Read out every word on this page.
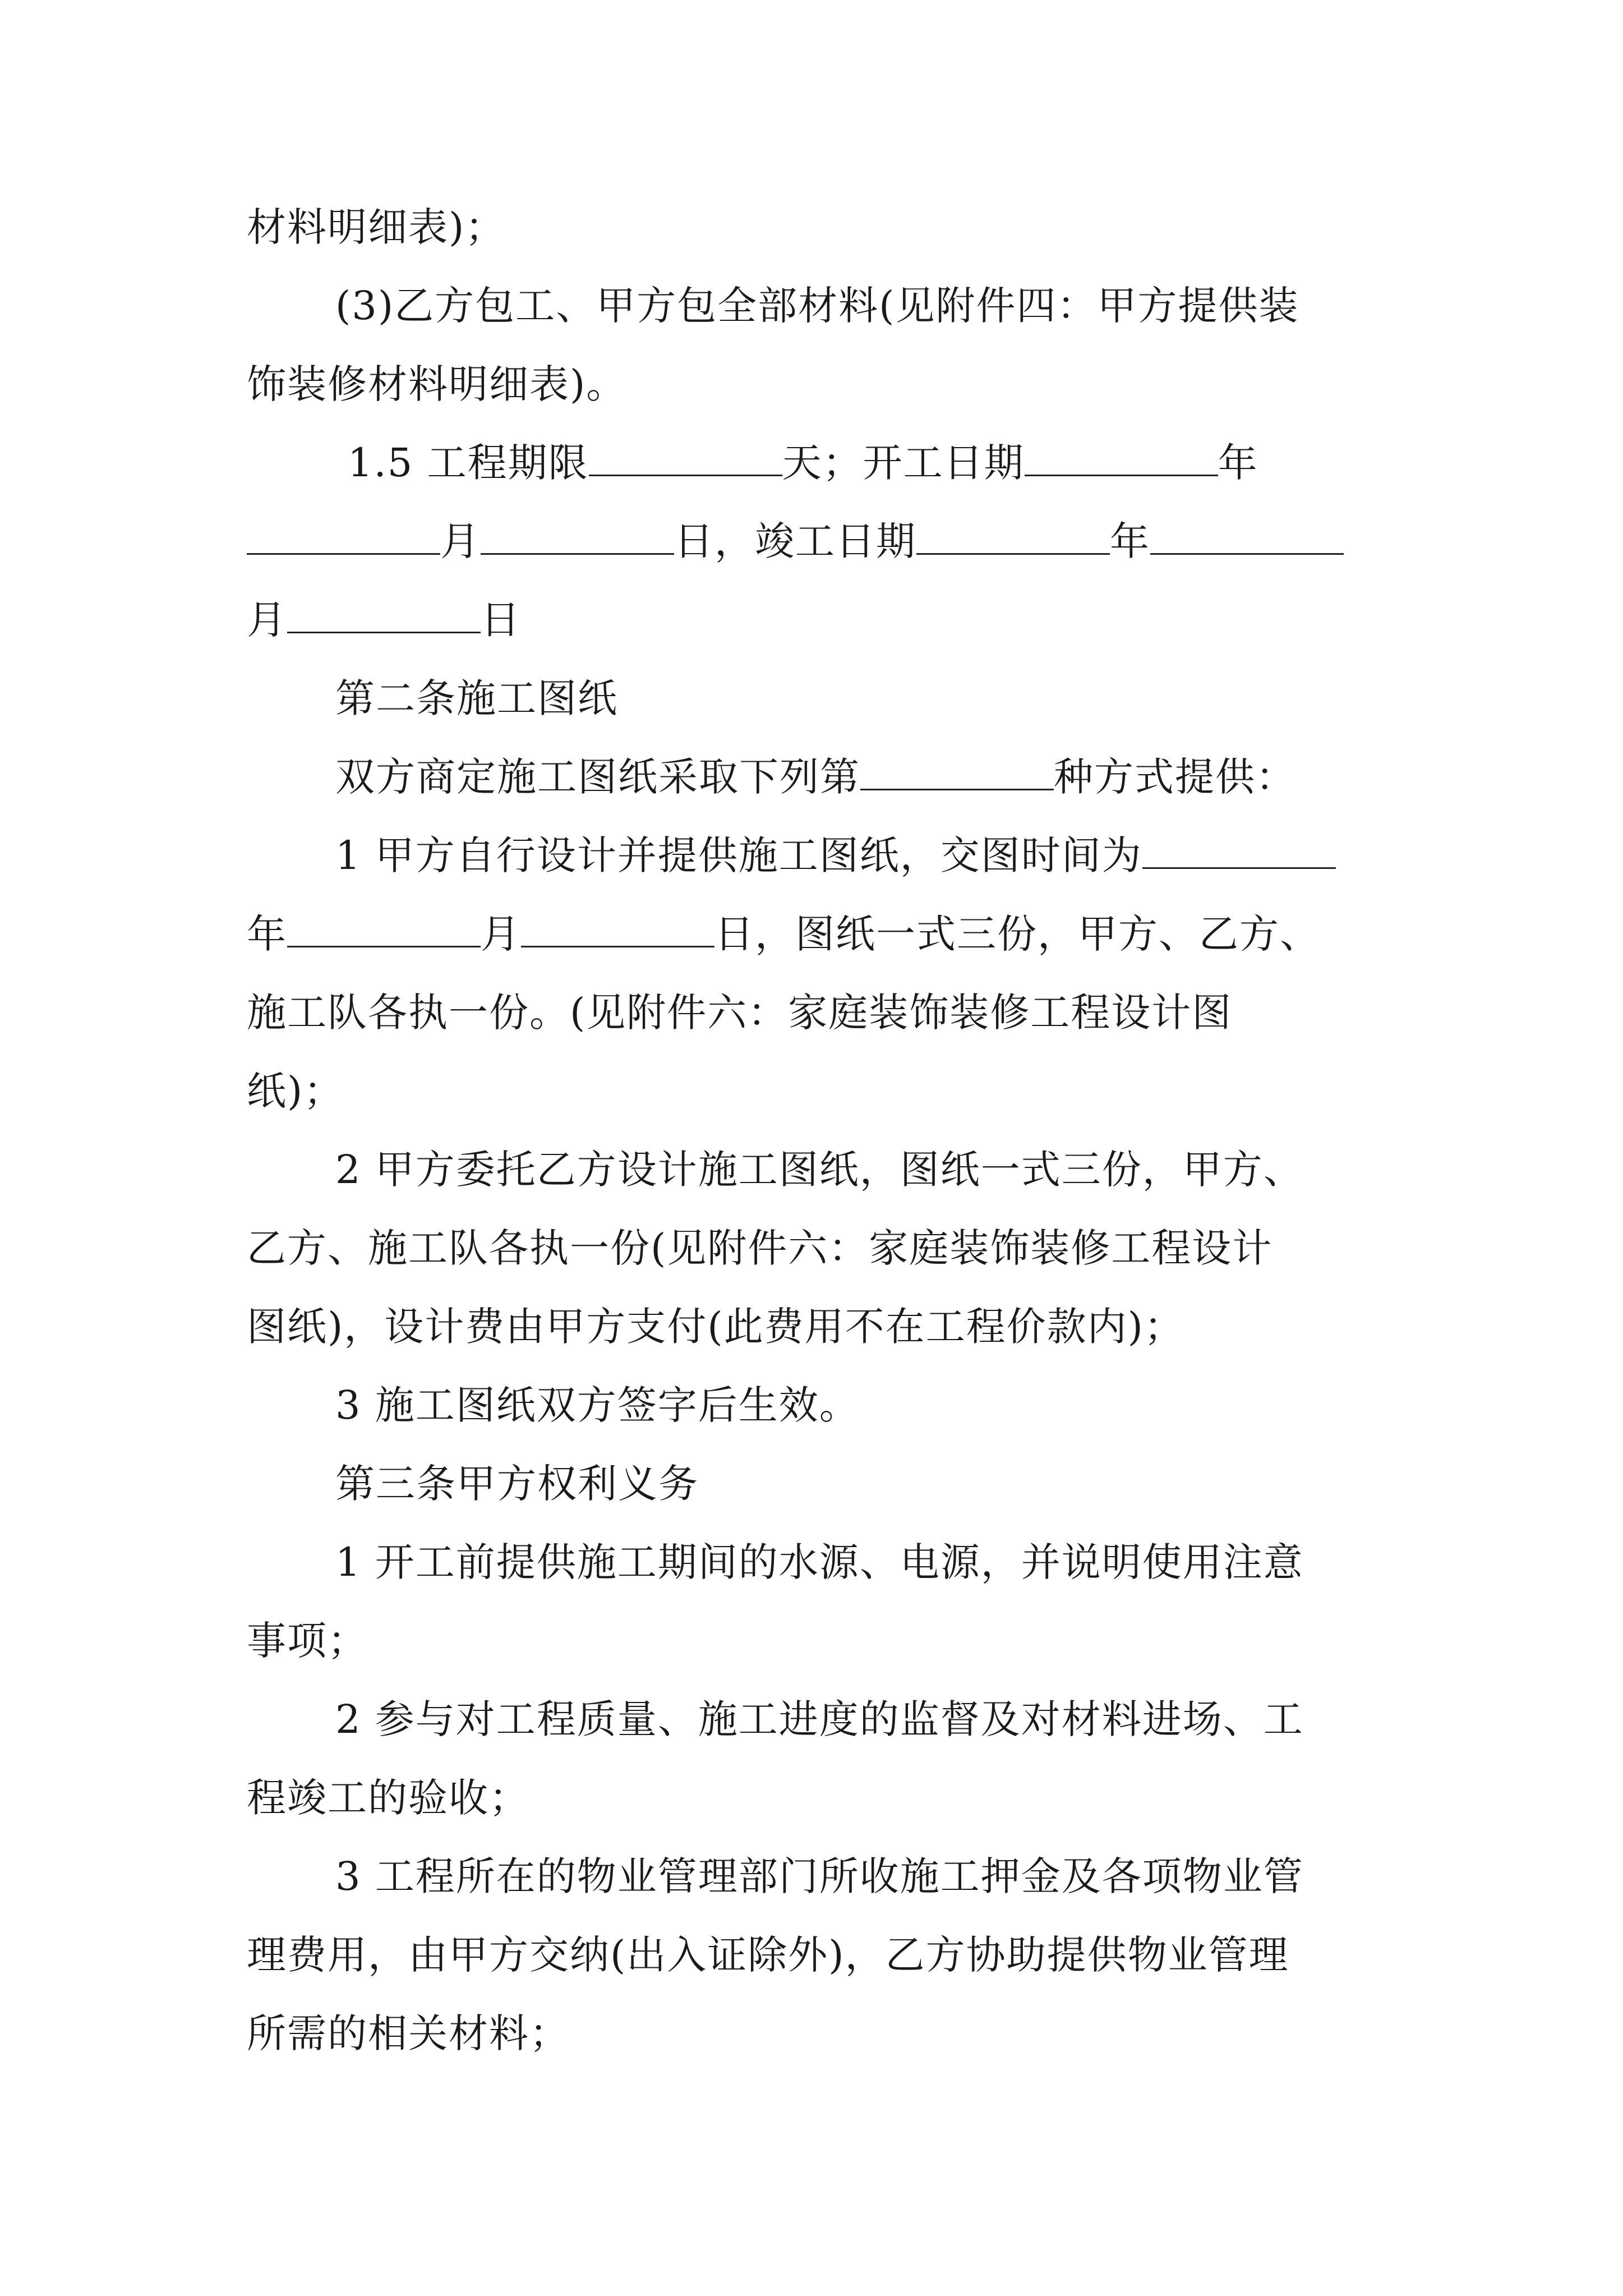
材料明细表)；
(3)乙方包工、甲方包全部材料(见附件四：甲方提供装
饰装修材料明细表)。
1.5 工程期限	天；开工日期	年
月	日，竣工日期	年
月	日
第二条施工图纸
双方商定施工图纸采取下列第	种方式提供：
1 甲方自行设计并提供施工图纸，交图时间为
年	月	日，图纸一式三份，甲方、乙方、
施工队各执一份。(见附件六：家庭装饰装修工程设计图
纸)；
2 甲方委托乙方设计施工图纸，图纸一式三份，甲方、
乙方、施工队各执一份(见附件六：家庭装饰装修工程设计
图纸)，设计费由甲方支付(此费用不在工程价款内)；
3 施工图纸双方签字后生效。
第三条甲方权利义务
1 开工前提供施工期间的水源、电源，并说明使用注意
事项；
2 参与对工程质量、施工进度的监督及对材料进场、工
程竣工的验收；
3 工程所在的物业管理部门所收施工押金及各项物业管
理费用，由甲方交纳(出入证除外)，乙方协助提供物业管理
所需的相关材料；
